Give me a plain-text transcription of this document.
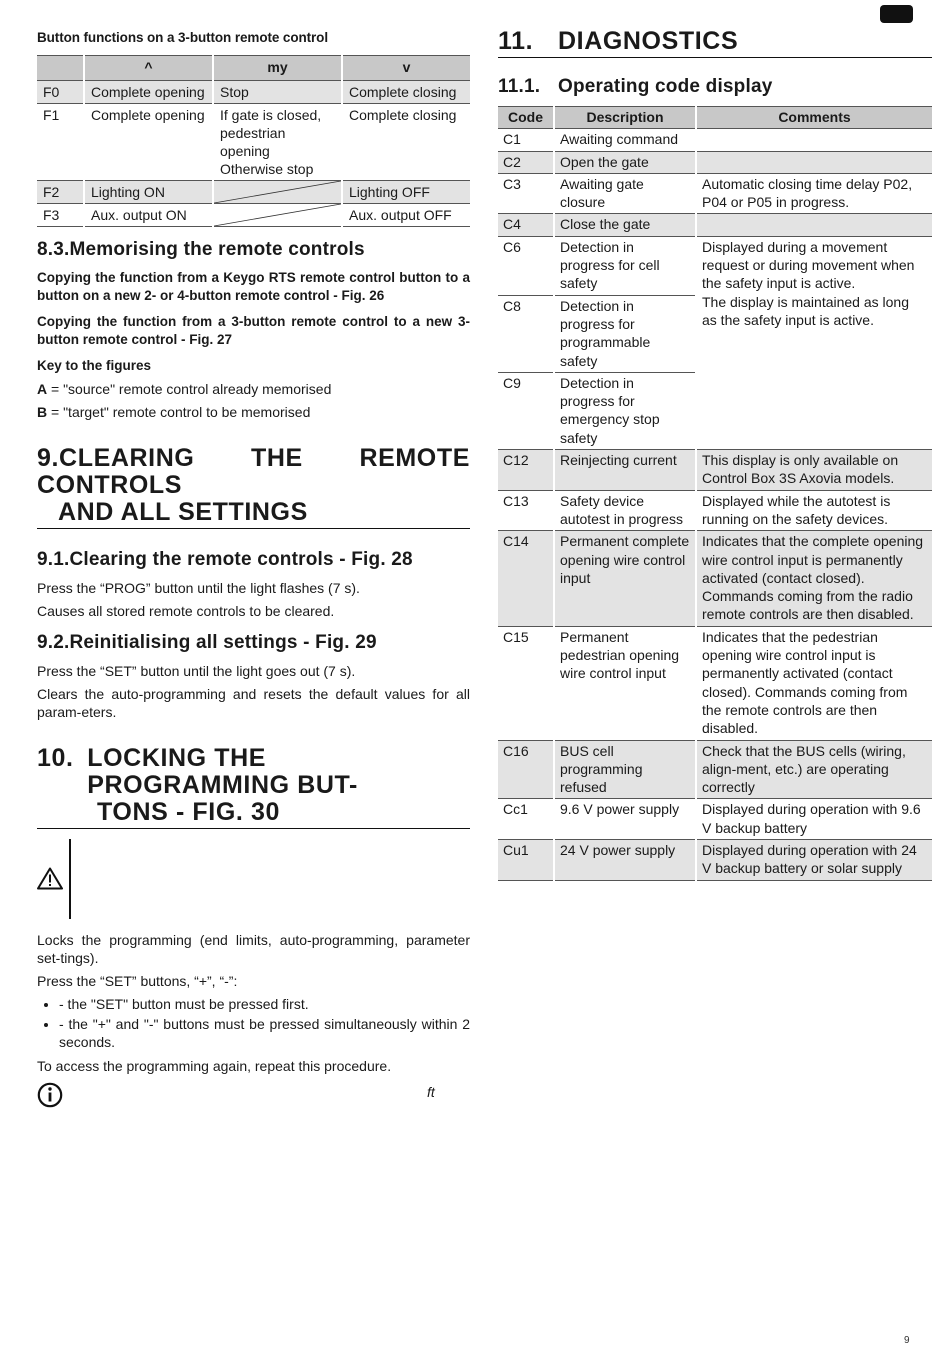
Button functions on a 3-button remote control
	^	my	v
F0	Complete opening	Stop	Complete closing
F1	Complete opening	If gate is closed, pedestrian opening Otherwise stop	Complete closing
F2	Lighting ON		Lighting OFF
F3	Aux. output ON		Aux. output OFF
8.3.Memorising the remote controls

Copying the function from a Keygo RTS remote control button to a button on a new 2- or 4-button remote control - Fig. 26

Copying the function from a 3-button remote control to a new 3-button remote control - Fig. 27

Key to the figures

A = "source" remote control already memorised

B = "target" remote control to be memorised

9.CLEARING THE REMOTE CONTROLS
AND ALL SETTINGS
9.1.Clearing the remote controls - Fig. 28

Press the “PROG” button until the light flashes (7 s).

Causes all stored remote controls to be cleared.

9.2.Reinitialising all settings - Fig. 29

Press the “SET” button until the light goes out (7 s).

Clears the auto-programming and resets the default values for all param-eters.

10. LOCKING THE PROGRAMMING BUT-
TONS - FIG. 30

Locks the programming (end limits, auto-programming, parameter set-tings).

Press the “SET” buttons, “+”, “-”:

• - the "SET" button must be pressed first.
• - the "+" and "-" buttons must be pressed simultaneously within 2 seconds.

To access the programming again, repeat this procedure.

ft
11. DIAGNOSTICS
11.1. Operating code display
Code	Description	Comments
C1	Awaiting command	
C2	Open the gate	
C3	Awaiting gate closure	Automatic closing time delay P02, P04 or P05 in progress.
C4	Close the gate	
C6	Detection in progress for cell safety	Displayed during a movement request or during movement when the safety input is active.
The display is maintained as long as the safety input is active.
C8	Detection in progress for programmable safety	
C9	Detection in progress for emergency stop safety	
C12	Reinjecting current	This display is only available on Control Box 3S Axovia models.
C13	Safety device autotest in progress	Displayed while the autotest is running on the safety devices.
C14	Permanent complete opening wire control input	Indicates that the complete opening wire control input is permanently activated (contact closed). Commands coming from the radio remote controls are then disabled.
C15	Permanent pedestrian opening wire control input	Indicates that the pedestrian opening wire control input is permanently activated (contact closed). Commands coming from the remote controls are then disabled.
C16	BUS cell programming refused	Check that the BUS cells (wiring, align-ment, etc.) are operating correctly
Cc1	9.6 V power supply	Displayed during operation with 9.6 V backup battery
Cu1	24 V power supply	Displayed during operation with 24 V backup battery or solar supply
9
